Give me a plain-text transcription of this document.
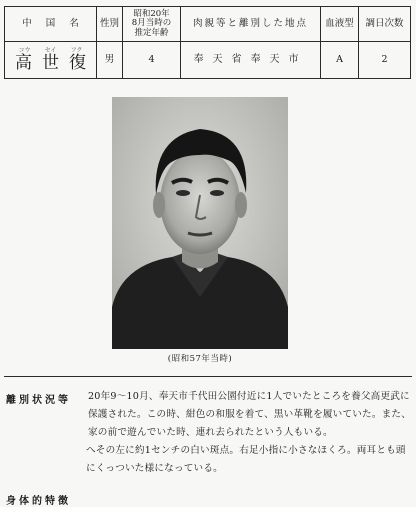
中国名	性別	昭和20年
8月当時の
推定年齢	肉親等と離別した地点	血液型	調日次数

コウ セイ フク
高世復	男	4	奉天省奉天市	A	2
(昭和57年当時)
離別状況等	20年9～10月、奉天市千代田公園付近に1人でいたところを養父高更武に保護された。この時、紺色の和服を着て、黒い革靴を履いていた。また、家の前で遊んでいた時、連れ去られたという人もいる。
身体的特徴
へその左に約1センチの白い斑点。右足小指に小さなほくろ。両耳とも頭にくっついた様になっている。
